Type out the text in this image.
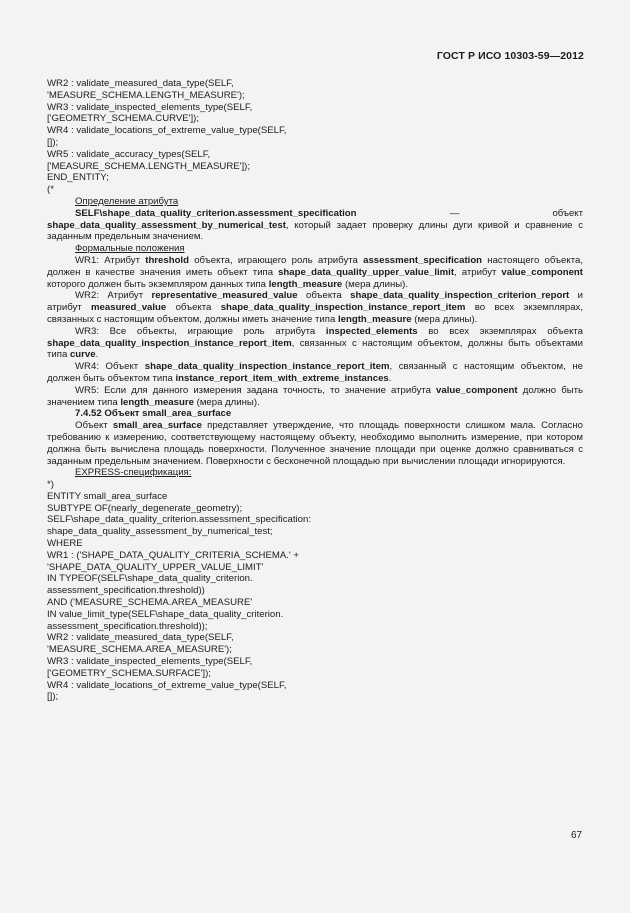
ГОСТ Р ИСО 10303-59—2012
WR2 : validate_measured_data_type(SELF,
'MEASURE_SCHEMA.LENGTH_MEASURE');
WR3 : validate_inspected_elements_type(SELF,
['GEOMETRY_SCHEMA.CURVE']);
WR4 : validate_locations_of_extreme_value_type(SELF,
[]);
WR5 : validate_accuracy_types(SELF,
['MEASURE_SCHEMA.LENGTH_MEASURE']);
END_ENTITY;
(*
Определение атрибута
SELF\shape_data_quality_criterion.assessment_specification — объект shape_data_quality_assessment_by_numerical_test, который задает проверку длины дуги кривой и сравнение с заданным предельным значением.
Формальные положения
WR1: Атрибут threshold объекта, играющего роль атрибута assessment_specification настоящего объекта, должен в качестве значения иметь объект типа shape_data_quality_upper_value_limit, атрибут value_component которого должен быть экземпляром данных типа length_measure (мера длины).
WR2: Атрибут representative_measured_value объекта shape_data_quality_inspection_criterion_report и атрибут measured_value объекта shape_data_quality_inspection_instance_report_item во всех экземплярах, связанных с настоящим объектом, должны иметь значение типа length_measure (мера длины).
WR3: Все объекты, играющие роль атрибута inspected_elements во всех экземплярах объекта shape_data_quality_inspection_instance_report_item, связанных с настоящим объектом, должны быть объектами типа curve.
WR4: Объект shape_data_quality_inspection_instance_report_item, связанный с настоящим объектом, не должен быть объектом типа instance_report_item_with_extreme_instances.
WR5: Если для данного измерения задана точность, то значение атрибута value_component должно быть значением типа length_measure (мера длины).
7.4.52 Объект small_area_surface
Объект small_area_surface представляет утверждение, что площадь поверхности слишком мала. Согласно требованию к измерению, соответствующему настоящему объекту, необходимо выполнить измерение, при котором должна быть вычислена площадь поверхности. Полученное значение площади при оценке должно сравниваться с заданным предельным значением. Поверхности с бесконечной площадью при вычислении площади игнорируются.
EXPRESS-спецификация:
*)
ENTITY small_area_surface
SUBTYPE OF(nearly_degenerate_geometry);
SELF\shape_data_quality_criterion.assessment_specification:
shape_data_quality_assessment_by_numerical_test;
WHERE
WR1 : ('SHAPE_DATA_QUALITY_CRITERIA_SCHEMA.' +
'SHAPE_DATA_QUALITY_UPPER_VALUE_LIMIT'
IN TYPEOF(SELF\shape_data_quality_criterion.
assessment_specification.threshold))
AND ('MEASURE_SCHEMA.AREA_MEASURE'
IN value_limit_type(SELF\shape_data_quality_criterion.
assessment_specification.threshold));
WR2 : validate_measured_data_type(SELF,
'MEASURE_SCHEMA.AREA_MEASURE');
WR3 : validate_inspected_elements_type(SELF,
['GEOMETRY_SCHEMA.SURFACE']);
WR4 : validate_locations_of_extreme_value_type(SELF,
[]);
67
